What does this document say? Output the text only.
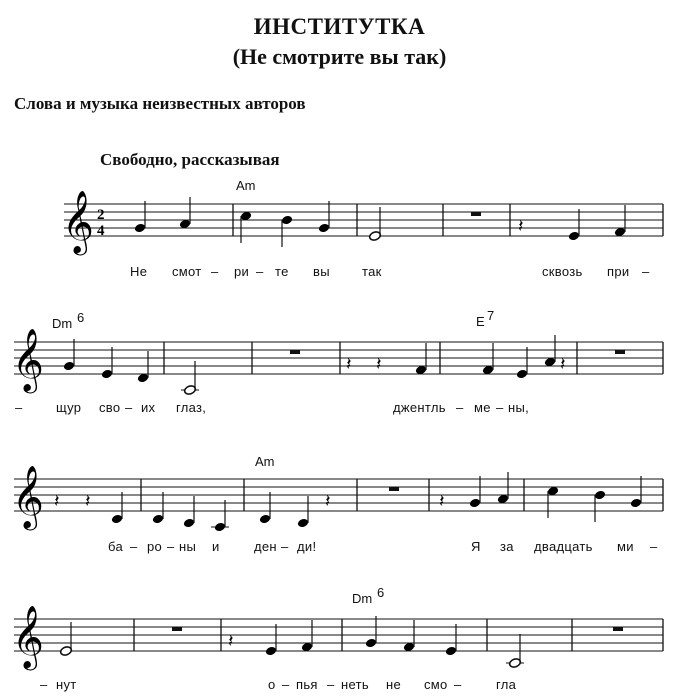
ИНСТИТУТКА
(Не смотрите вы так)
Слова и музыка неизвестных авторов
Свободно, рассказывая
𝄞 2
4	𝄽
Am
Не смот – ри – те вы так	сквозь при –
𝄞	𝄽 𝄽	𝄽
Dm 6	E 7
–	щур сво – их глаз,	джентль – ме – ны,
𝄞 𝄽 𝄽	𝄽	𝄽
Am
ба – ро – ны и	ден – ди!	Я за двадцать ми –
𝄞	𝄽
Dm 6
– нут	о – пья – неть не смо –	гла
